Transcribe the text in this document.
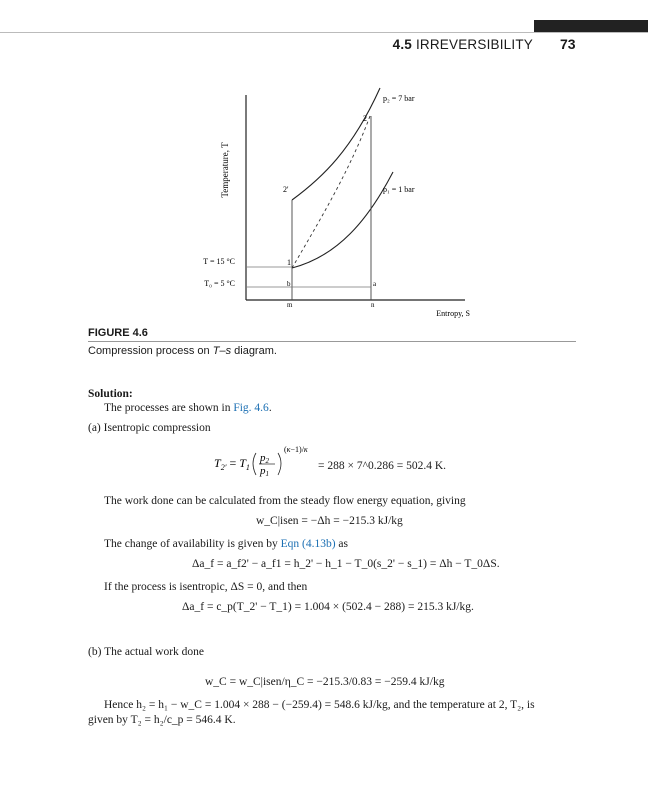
4.5 IRREVERSIBILITY 73
Temperature, T
Entropy, S
p₂ = 7 bar
p₁ = 1 bar
T = 15 °C
T₀ = 5 °C
1
2
2'
a
b
m	n
FIGURE 4.6
Compression process on T–s diagram.
Solution:
The processes are shown in Fig. 4.6.
(a) Isentropic compression
$T_{2'} = T_1$
p2
p1
(κ−1)/κ
= 288 × 7^0.286 = 502.4 K.
The work done can be calculated from the steady flow energy equation, giving
w_C|isen = −Δh = −215.3 kJ/kg
The change of availability is given by Eqn (4.13b) as
Δa_f = a_f2' − a_f1 = h_2' − h_1 − T_0(s_2' − s_1) = Δh − T_0ΔS.
If the process is isentropic, ΔS = 0, and then
Δa_f = c_p(T_2' − T_1) = 1.004 × (502.4 − 288) = 215.3 kJ/kg.
(b) The actual work done
w_C = w_C|isen/η_C = −215.3/0.83 = −259.4 kJ/kg
Hence h₂ = h₁ − w_C = 1.004 × 288 − (−259.4) = 548.6 kJ/kg, and the temperature at 2, T₂, is
given by T₂ = h₂/c_p = 546.4 K.
